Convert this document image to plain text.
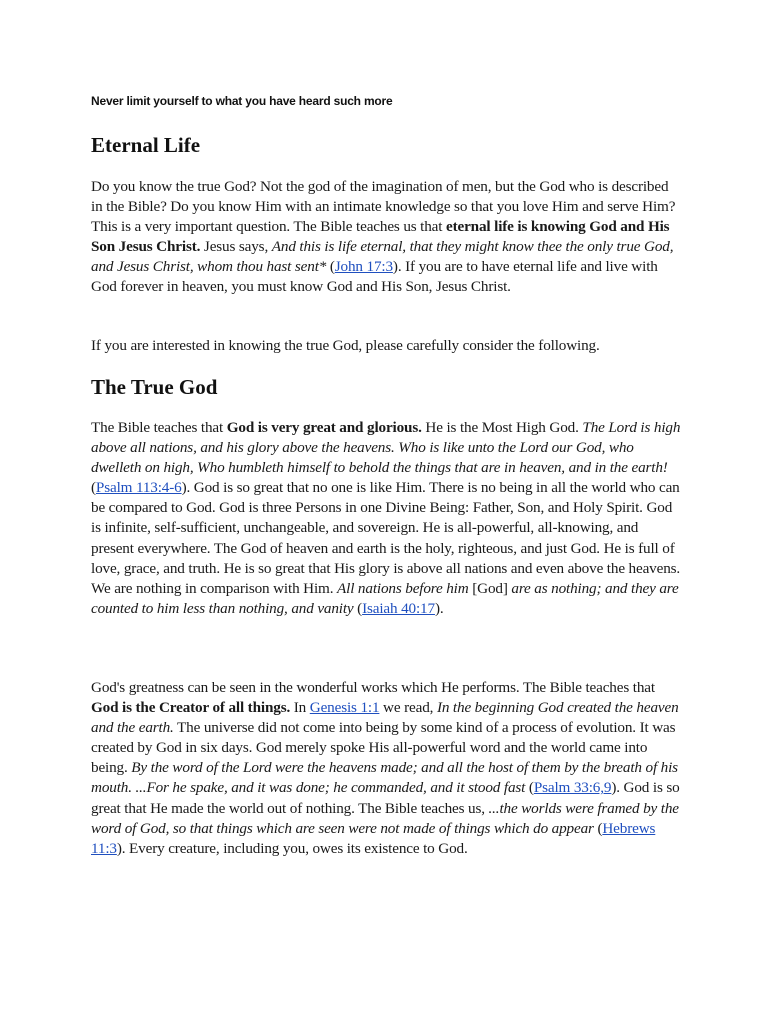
Never limit yourself to what you have heard such more

Eternal Life

Do you know the true God? Not the god of the imagination of men, but the God who is described in the Bible? Do you know Him with an intimate knowledge so that you love Him and serve Him? This is a very important question. The Bible teaches us that eternal life is knowing God and His Son Jesus Christ. Jesus says, And this is life eternal, that they might know thee the only true God, and Jesus Christ, whom thou hast sent* (John 17:3). If you are to have eternal life and live with God forever in heaven, you must know God and His Son, Jesus Christ.

If you are interested in knowing the true God, please carefully consider the following.

The True God

The Bible teaches that God is very great and glorious. He is the Most High God. The Lord is high above all nations, and his glory above the heavens. Who is like unto the Lord our God, who dwelleth on high, Who humbleth himself to behold the things that are in heaven, and in the earth! (Psalm 113:4-6). God is so great that no one is like Him. There is no being in all the world who can be compared to God. God is three Persons in one Divine Being: Father, Son, and Holy Spirit. God is infinite, self-sufficient, unchangeable, and sovereign. He is all-powerful, all-knowing, and present everywhere. The God of heaven and earth is the holy, righteous, and just God. He is full of love, grace, and truth. He is so great that His glory is above all nations and even above the heavens. We are nothing in comparison with Him. All nations before him [God] are as nothing; and they are counted to him less than nothing, and vanity (Isaiah 40:17).

God's greatness can be seen in the wonderful works which He performs. The Bible teaches that God is the Creator of all things. In Genesis 1:1 we read, In the beginning God created the heaven and the earth. The universe did not come into being by some kind of a process of evolution. It was created by God in six days. God merely spoke His all-powerful word and the world came into being. By the word of the Lord were the heavens made; and all the host of them by the breath of his mouth. ...For he spake, and it was done; he commanded, and it stood fast (Psalm 33:6,9). God is so great that He made the world out of nothing. The Bible teaches us, ...the worlds were framed by the word of God, so that things which are seen were not made of things which do appear (Hebrews 11:3). Every creature, including you, owes its existence to God.
